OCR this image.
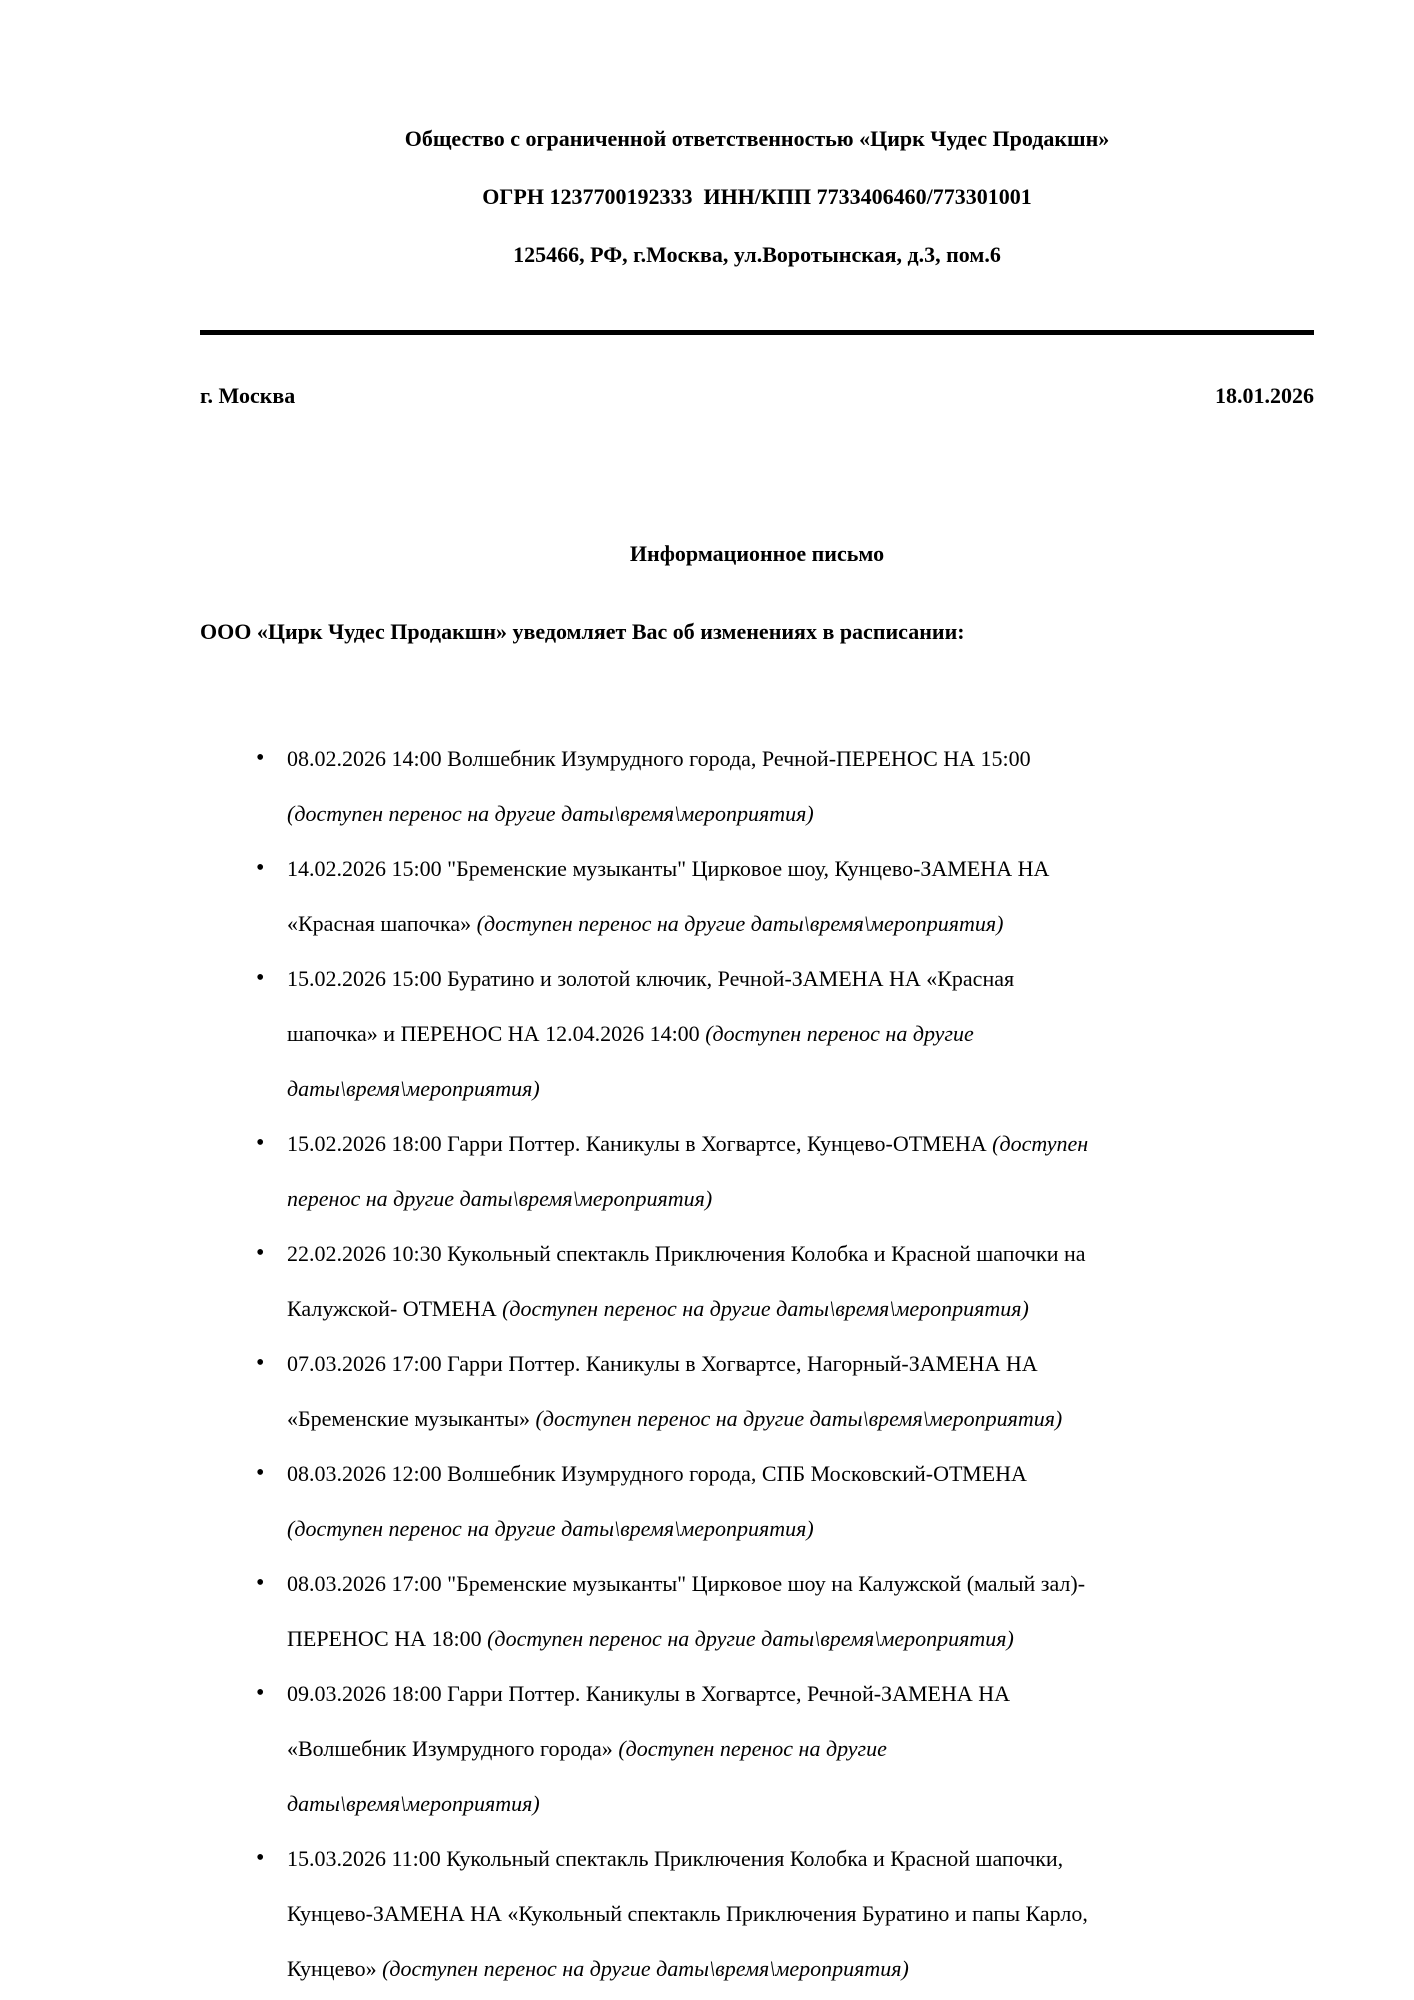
Общество с ограниченной ответственностью «Цирк Чудес Продакшн»

ОГРН 1237700192333  ИНН/КПП 7733406460/773301001

125466, РФ, г.Москва, ул.Воротынская, д.3, пом.6

г. Москва	18.01.2026
Информационное письмо

ООО «Цирк Чудес Продакшн» уведомляет Вас об изменениях в расписании:

• 08.02.2026 14:00 Волшебник Изумрудного города, Речной-ПЕРЕНОС НА 15:00 (доступен перенос на другие даты\время\мероприятия)
• 14.02.2026 15:00 "Бременские музыканты" Цирковое шоу, Кунцево-ЗАМЕНА НА «Красная шапочка» (доступен перенос на другие даты\время\мероприятия)
• 15.02.2026 15:00 Буратино и золотой ключик, Речной-ЗАМЕНА НА «Красная шапочка» и ПЕРЕНОС НА 12.04.2026 14:00 (доступен перенос на другие даты\время\мероприятия)
• 15.02.2026 18:00 Гарри Поттер. Каникулы в Хогвартсе, Кунцево-ОТМЕНА (доступен перенос на другие даты\время\мероприятия)
• 22.02.2026 10:30 Кукольный спектакль Приключения Колобка и Красной шапочки на Калужской- ОТМЕНА (доступен перенос на другие даты\время\мероприятия)
• 07.03.2026 17:00 Гарри Поттер. Каникулы в Хогвартсе, Нагорный-ЗАМЕНА НА «Бременские музыканты» (доступен перенос на другие даты\время\мероприятия)
• 08.03.2026 12:00 Волшебник Изумрудного города, СПБ Московский-ОТМЕНА (доступен перенос на другие даты\время\мероприятия)
• 08.03.2026 17:00 "Бременские музыканты" Цирковое шоу на Калужской (малый зал)-ПЕРЕНОС НА 18:00 (доступен перенос на другие даты\время\мероприятия)
• 09.03.2026 18:00 Гарри Поттер. Каникулы в Хогвартсе, Речной-ЗАМЕНА НА «Волшебник Изумрудного города» (доступен перенос на другие даты\время\мероприятия)
• 15.03.2026 11:00 Кукольный спектакль Приключения Колобка и Красной шапочки, Кунцево-ЗАМЕНА НА «Кукольный спектакль Приключения Буратино и папы Карло, Кунцево» (доступен перенос на другие даты\время\мероприятия)
